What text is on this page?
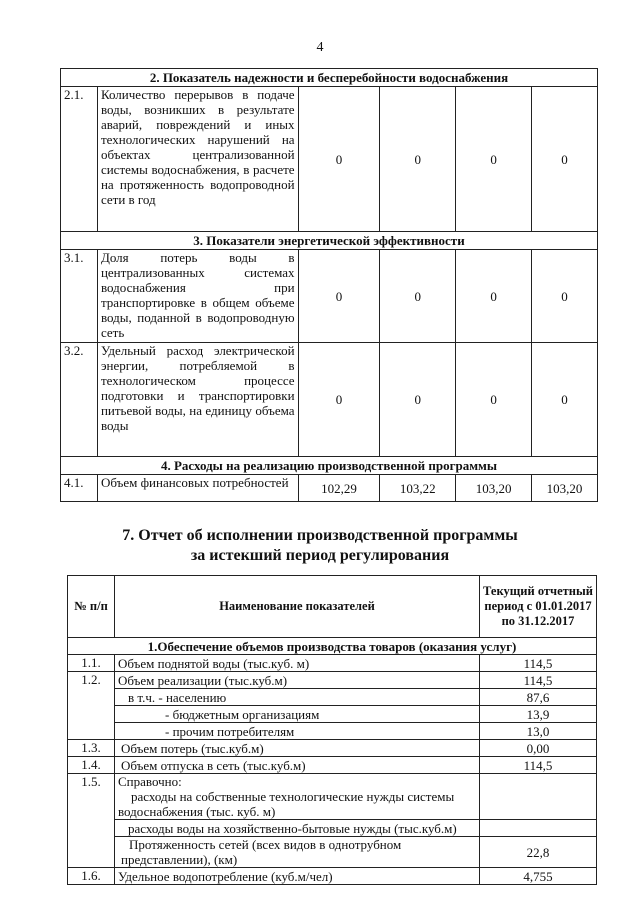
4
2. Показатель надежности и бесперебойности водоснабжения					
2.1.	Количество перерывов в подаче воды, возникших в результате аварий, повреждений и иных технологических нарушений на объектах централизованной системы водоснабжения, в расчете на протяженность водопроводной сети в год	0	0	0	0
3. Показатели энергетической эффективности					
3.1.	Доля потерь воды в централизованных системах водоснабжения при транспортировке в общем объеме воды, поданной в водопроводную сеть	0	0	0	0
3.2.	Удельный расход электрической энергии, потребляемой в технологическом процессе подготовки и транспортировки питьевой воды, на единицу объема воды	0	0	0	0
4. Расходы на реализацию производственной программы					
4.1.	Объем финансовых потребностей	102,29	103,22	103,20	103,20
7. Отчет об исполнении производственной программы
за истекший период регулирования
№ п/п	Наименование показателей	Текущий отчетный период с 01.01.2017 по 31.12.2017
1.Обеспечение объемов производства товаров (оказания услуг)		
1.1.	Объем поднятой воды (тыс.куб. м)	114,5
1.2.	Объем реализации (тыс.куб.м)	114,5
	в т.ч. - населению	87,6
	- бюджетным организациям	13,9
	- прочим потребителям	13,0
1.3.	Объем потерь (тыс.куб.м)	0,00
1.4.	Объем отпуска в сеть (тыс.куб.м)	114,5
1.5.	Справочно:
расходы на собственные технологические нужды системы водоснабжения (тыс. куб. м)	

	расходы воды на хозяйственно-бытовые нужды (тыс.куб.м)	
	Протяженность сетей (всех видов в однотрубном представлении), (км)	22,8
1.6.	Удельное водопотребление (куб.м/чел)	4,755
